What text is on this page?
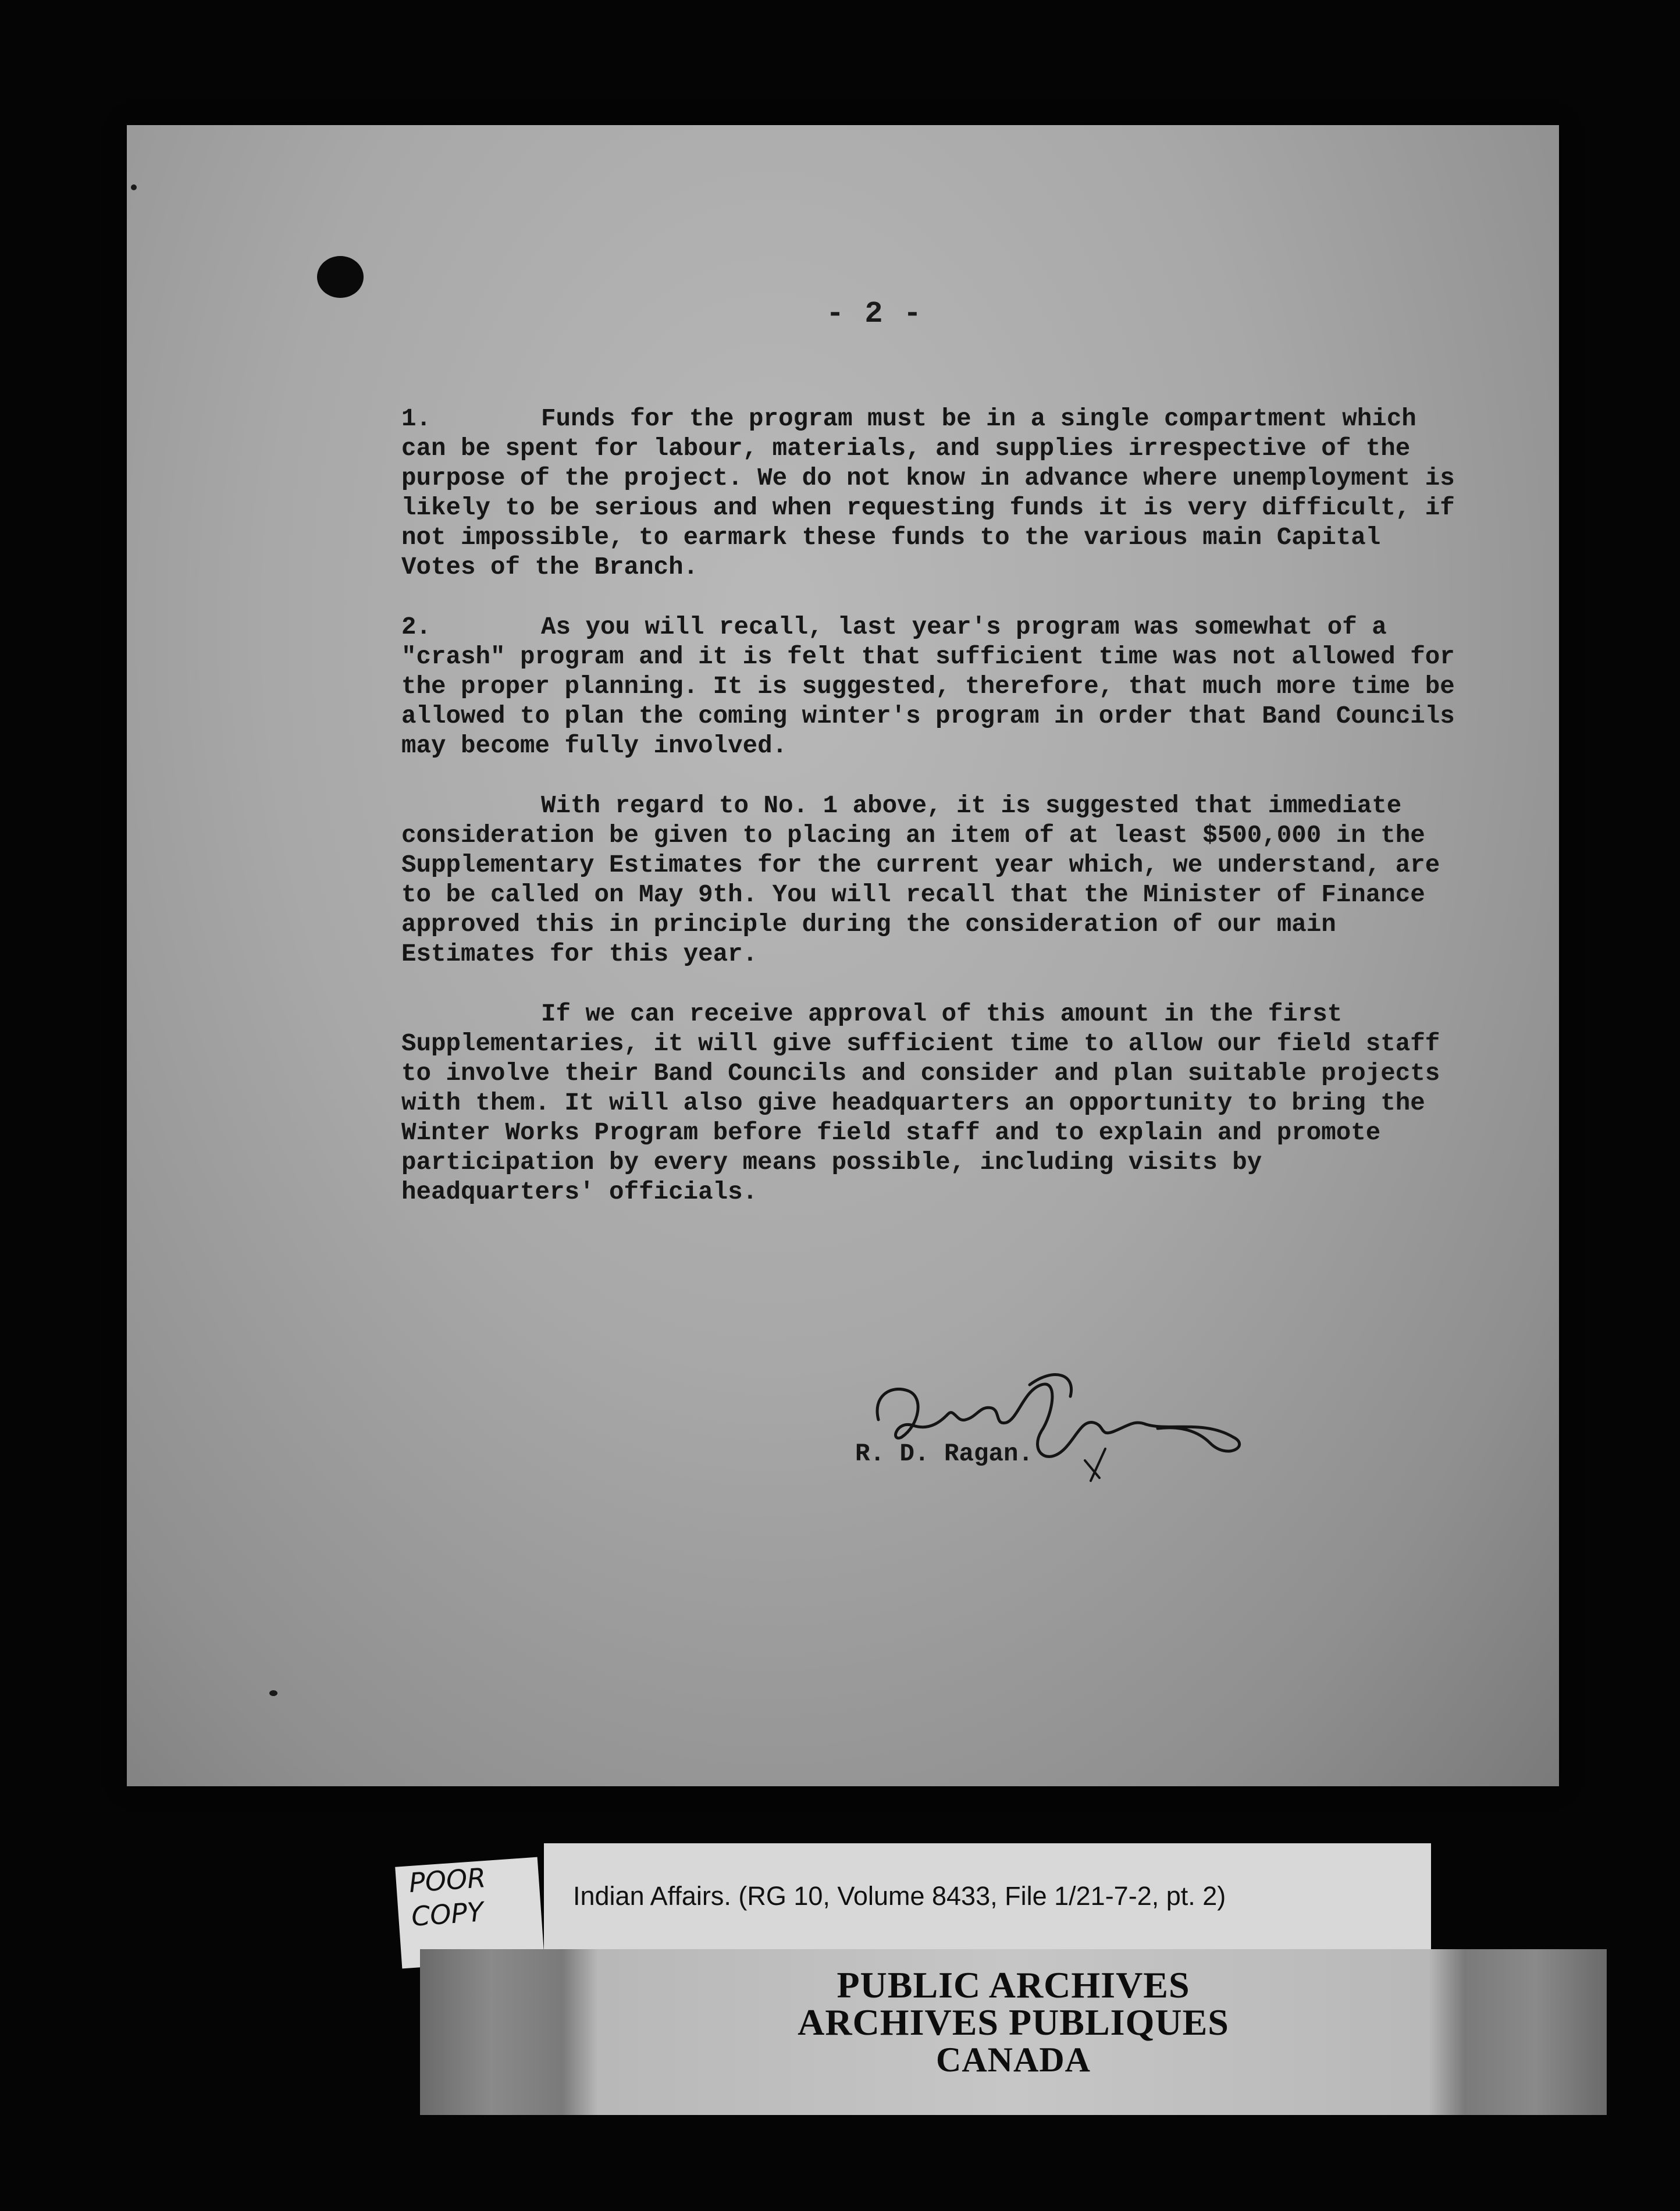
- 2 -

1.	Funds for the program must be in a single compartment which can be spent for labour, materials, and supplies irrespective of the purpose of the project. We do not know in advance where unemployment is likely to be serious and when requesting funds it is very difficult, if not impossible, to earmark these funds to the various main Capital Votes of the Branch.

2.	As you will recall, last year's program was somewhat of a "crash" program and it is felt that sufficient time was not allowed for the proper planning. It is suggested, therefore, that much more time be allowed to plan the coming winter's program in order that Band Councils may become fully involved.

With regard to No. 1 above, it is suggested that immediate consideration be given to placing an item of at least $500,000 in the Supplementary Estimates for the current year which, we understand, are to be called on May 9th. You will recall that the Minister of Finance approved this in principle during the consideration of our main Estimates for this year.

If we can receive approval of this amount in the first Supplementaries, it will give sufficient time to allow our field staff to involve their Band Councils and consider and plan suitable projects with them. It will also give headquarters an opportunity to bring the Winter Works Program before field staff and to explain and promote participation by every means possible, including visits by headquarters' officials.

R. D. Ragan.
POOR
COPY	Indian Affairs. (RG 10, Volume 8433, File 1/21-7-2, pt. 2)
PUBLIC ARCHIVES
ARCHIVES PUBLIQUES
CANADA
